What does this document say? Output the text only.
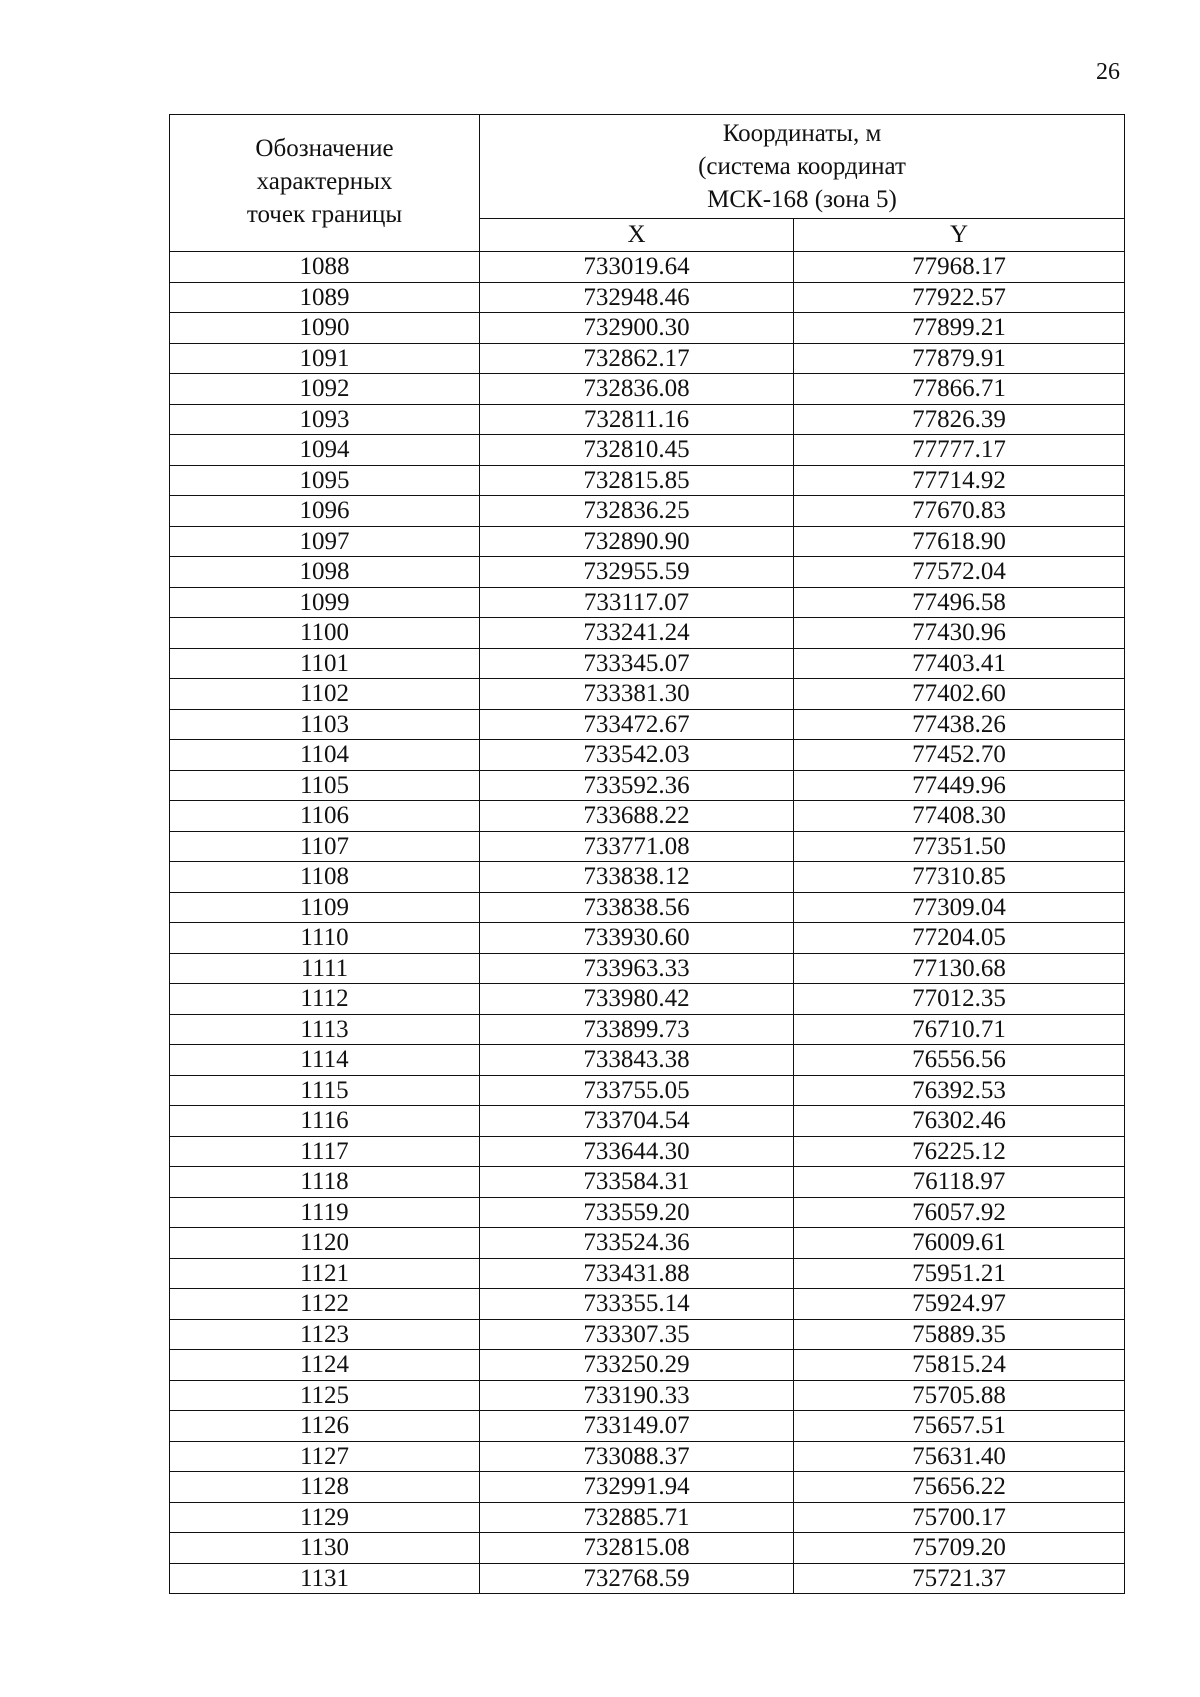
26
Обозначение
характерных
точек границы	Координаты, м
(система координат
МСК-168 (зона 5)	
	X	Y
1088	733019.64	77968.17
1089	732948.46	77922.57
1090	732900.30	77899.21
1091	732862.17	77879.91
1092	732836.08	77866.71
1093	732811.16	77826.39
1094	732810.45	77777.17
1095	732815.85	77714.92
1096	732836.25	77670.83
1097	732890.90	77618.90
1098	732955.59	77572.04
1099	733117.07	77496.58
1100	733241.24	77430.96
1101	733345.07	77403.41
1102	733381.30	77402.60
1103	733472.67	77438.26
1104	733542.03	77452.70
1105	733592.36	77449.96
1106	733688.22	77408.30
1107	733771.08	77351.50
1108	733838.12	77310.85
1109	733838.56	77309.04
1110	733930.60	77204.05
1111	733963.33	77130.68
1112	733980.42	77012.35
1113	733899.73	76710.71
1114	733843.38	76556.56
1115	733755.05	76392.53
1116	733704.54	76302.46
1117	733644.30	76225.12
1118	733584.31	76118.97
1119	733559.20	76057.92
1120	733524.36	76009.61
1121	733431.88	75951.21
1122	733355.14	75924.97
1123	733307.35	75889.35
1124	733250.29	75815.24
1125	733190.33	75705.88
1126	733149.07	75657.51
1127	733088.37	75631.40
1128	732991.94	75656.22
1129	732885.71	75700.17
1130	732815.08	75709.20
1131	732768.59	75721.37
